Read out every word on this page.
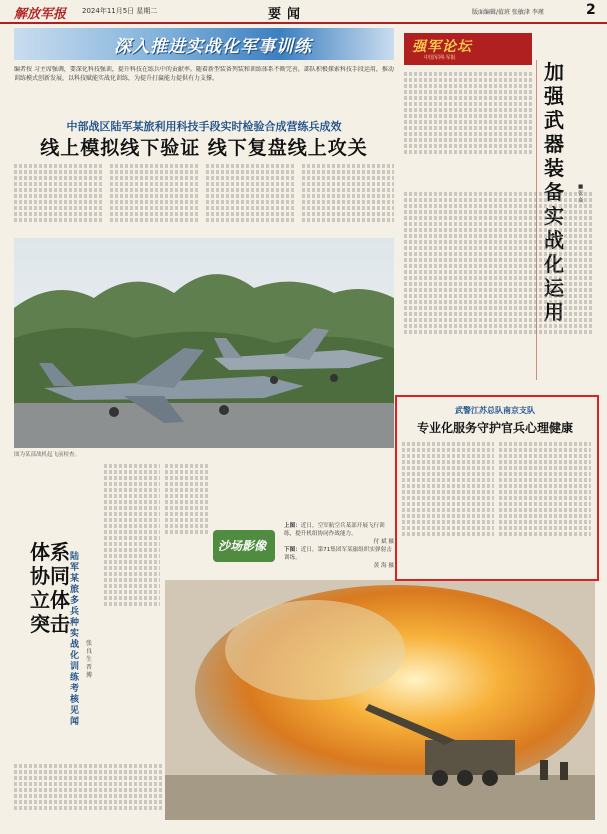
解放军报 2024年11月5日 星期二	要闻	版面编辑/值班 张敏津 李瑾	2
深入推进实战化军事训练
编者按 习主席强调，要深化科技强训，提升科技在练兵中的贡献率。随着新型装备列装和训练体系不断完善，部队积极探索科技手段运用，推动训练模式创新发展，以科技赋能实战化训练，为提升打赢能力提供有力支撑。
中部战区陆军某旅利用科技手段实时检验合成营练兵成效
线上模拟线下验证 线下复盘线上攻关
图为某部战机起飞前检查。
体系协同 立体突击
陆军某旅多兵种实战化训练考核见闻
张良生 晋博
沙场影像
上图：近日，空军航空兵某部开展飞行训练，提升机组协同作战能力。
付 斌 摄
下图：近日，第71集团军某旅组织实弹射击训练。
黄 海 摄
强军论坛
中国军网·军报
加强武器装备实战化运用
■ 张 焱
武警江苏总队南京支队
专业化服务守护官兵心理健康
